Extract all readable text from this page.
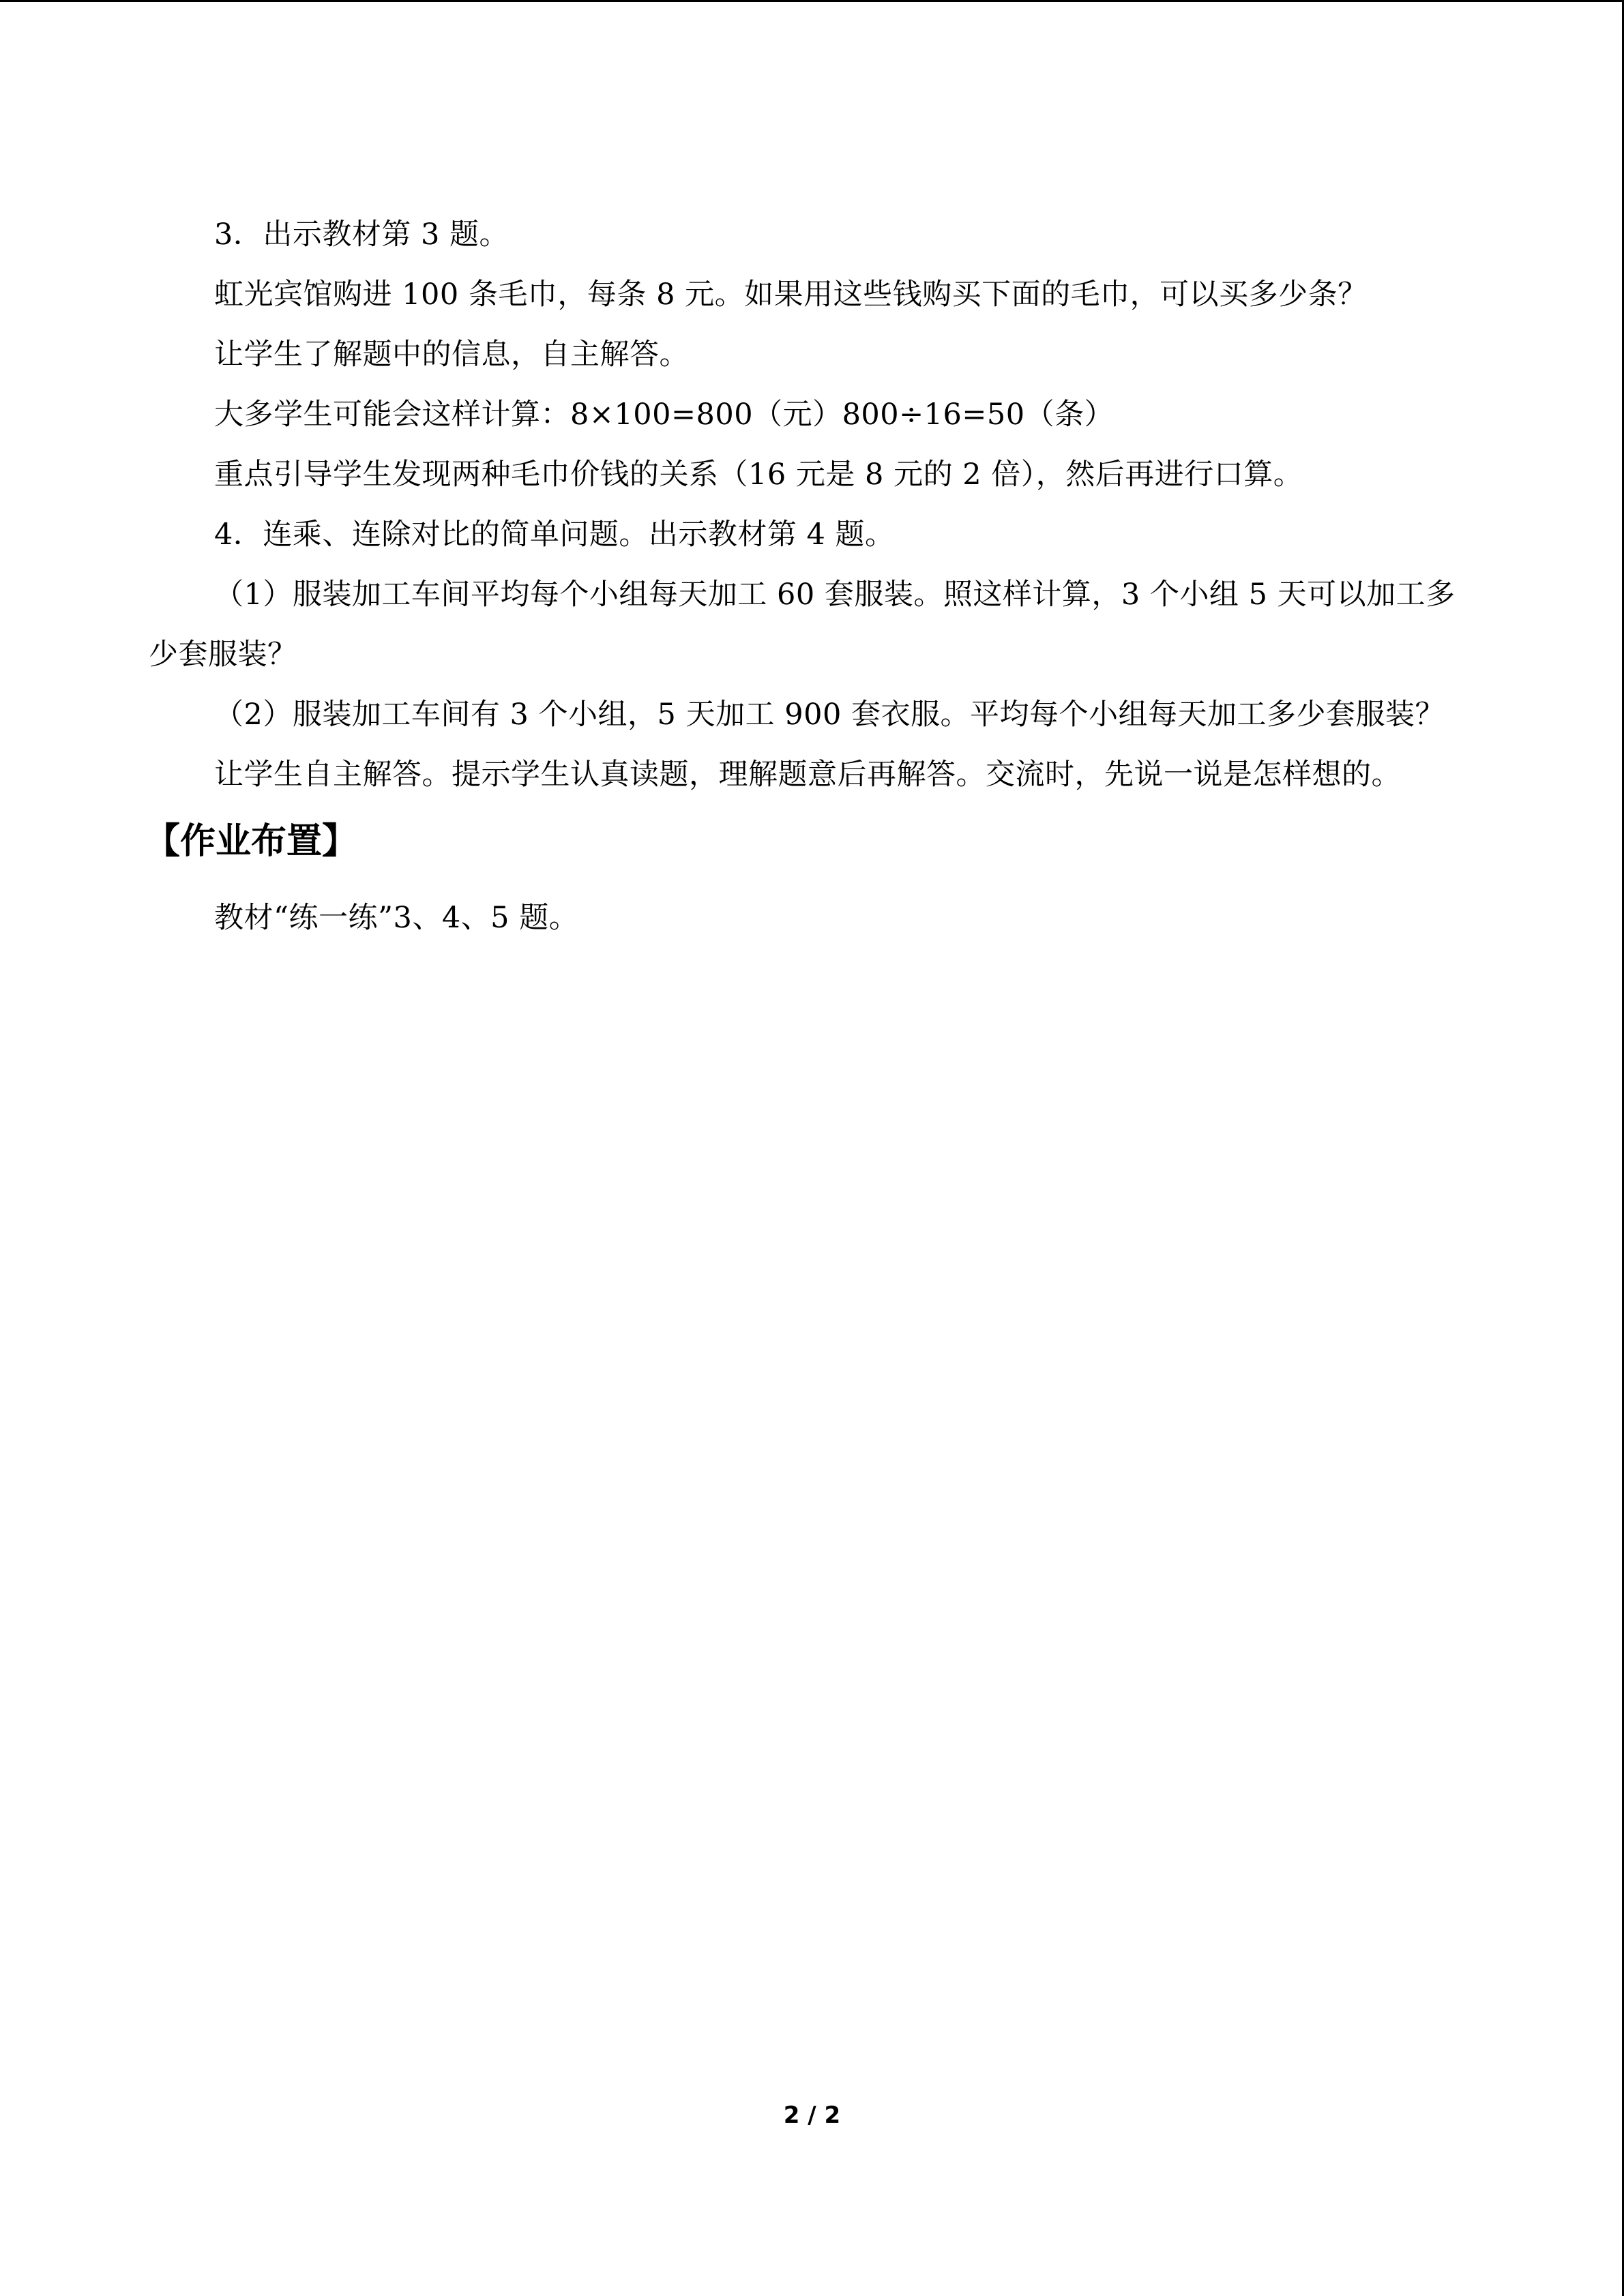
3．出示教材第 3 题。

虹光宾馆购进 100 条毛巾，每条 8 元。如果用这些钱购买下面的毛巾，可以买多少条？

让学生了解题中的信息，自主解答。

大多学生可能会这样计算：8×100=800（元）800÷16=50（条）

重点引导学生发现两种毛巾价钱的关系（16 元是 8 元的 2 倍），然后再进行口算。

4．连乘、连除对比的简单问题。出示教材第 4 题。

（1）服装加工车间平均每个小组每天加工 60 套服装。照这样计算，3 个小组 5 天可以加工多少套服装？

（2）服装加工车间有 3 个小组，5 天加工 900 套衣服。平均每个小组每天加工多少套服装？

让学生自主解答。提示学生认真读题，理解题意后再解答。交流时，先说一说是怎样想的。

【作业布置】

教材“练一练”3、4、5 题。

2 / 2
